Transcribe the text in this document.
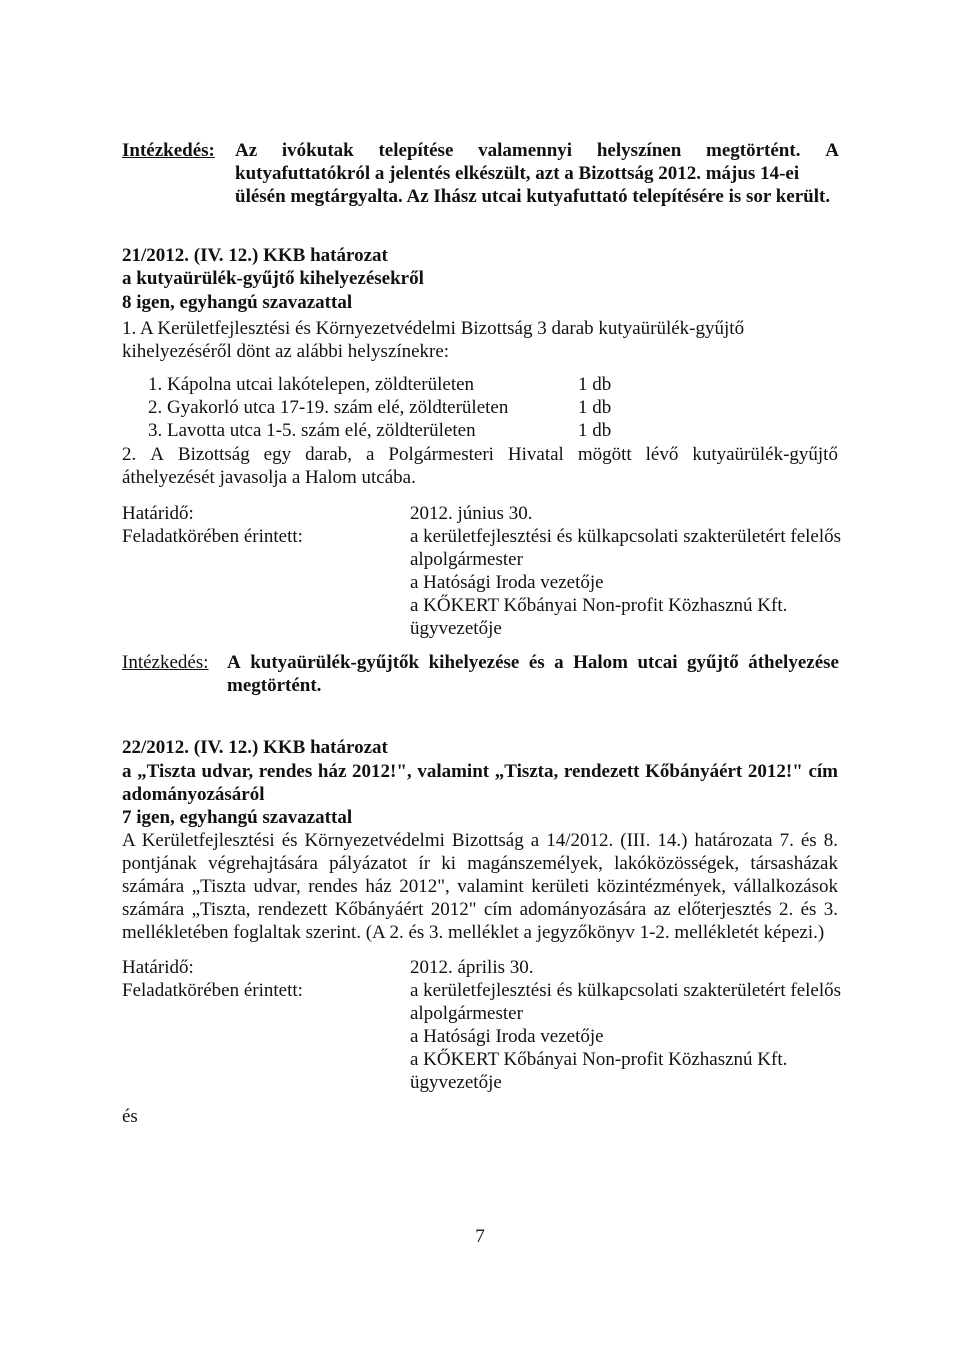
Intézkedés: Az ivókutak telepítése valamennyi helyszínen megtörtént. A
kutyafuttatókról a jelentés elkészült, azt a Bizottság 2012. május 14-ei
ülésén megtárgyalta. Az Ihász utcai kutyafuttató telepítésére is sor került.
21/2012. (IV. 12.) KKB határozat
a kutyaürülék-gyűjtő kihelyezésekről
8 igen, egyhangú szavazattal
1. A Kerületfejlesztési és Környezetvédelmi Bizottság 3 darab kutyaürülék-gyűjtő
kihelyezéséről dönt az alábbi helyszínekre:
1. Kápolna utcai lakótelepen, zöldterületen	1 db
2. Gyakorló utca 17-19. szám elé, zöldterületen	1 db
3. Lavotta utca 1-5. szám elé, zöldterületen	1 db
2. A Bizottság egy darab, a Polgármesteri Hivatal mögött lévő kutyaürülék-gyűjtő
áthelyezését javasolja a Halom utcába.
Határidő:	2012. június 30.
Feladatkörében érintett:	a kerületfejlesztési és külkapcsolati szakterületért felelős
alpolgármester
a Hatósági Iroda vezetője
a KŐKERT Kőbányai Non-profit Közhasznú Kft.
ügyvezetője
Intézkedés: A kutyaürülék-gyűjtők kihelyezése és a Halom utcai gyűjtő áthelyezése
megtörtént.
22/2012. (IV. 12.) KKB határozat
a „Tiszta udvar, rendes ház 2012!", valamint „Tiszta, rendezett Kőbányáért 2012!" cím
adományozásáról
7 igen, egyhangú szavazattal
A Kerületfejlesztési és Környezetvédelmi Bizottság a 14/2012. (III. 14.) határozata 7. és 8.
pontjának végrehajtására pályázatot ír ki magánszemélyek, lakóközösségek, társasházak
számára „Tiszta udvar, rendes ház 2012", valamint kerületi közintézmények, vállalkozások
számára „Tiszta, rendezett Kőbányáért 2012" cím adományozására az előterjesztés 2. és 3.
mellékletében foglaltak szerint. (A 2. és 3. melléklet a jegyzőkönyv 1-2. mellékletét képezi.)
Határidő:	2012. április 30.
Feladatkörében érintett:	a kerületfejlesztési és külkapcsolati szakterületért felelős
alpolgármester
a Hatósági Iroda vezetője
a KŐKERT Kőbányai Non-profit Közhasznú Kft.
ügyvezetője
és
7
